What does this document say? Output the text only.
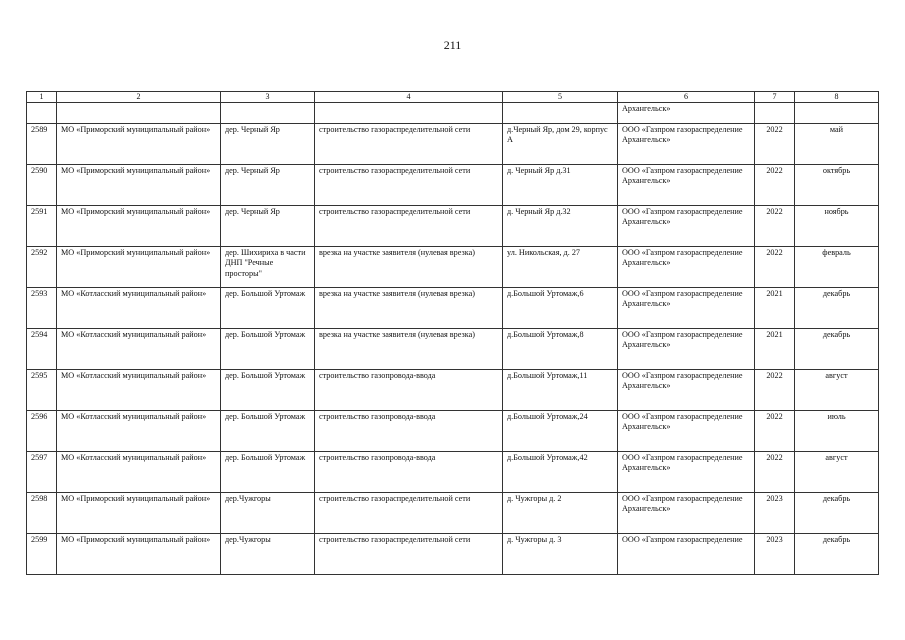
211
1	2	3	4	5	6	7	8
					Архангельск»		
2589	МО «Приморский муниципальный район»	дер. Черный Яр	строительство газораспределительной сети	д.Черный Яр, дом 29, корпус А	ООО «Газпром газораспределение Архангельск»	2022	май
2590	МО «Приморский муниципальный район»	дер. Черный Яр	строительство газораспределительной сети	д. Черный Яр д.31	ООО «Газпром газораспределение Архангельск»	2022	октябрь
2591	МО «Приморский муниципальный район»	дер. Черный Яр	строительство газораспределительной сети	д. Черный Яр д.32	ООО «Газпром газораспределение Архангельск»	2022	ноябрь
2592	МО «Приморский муниципальный район»	дер. Шихириха в части ДНП "Речные просторы"	врезка на участке заявителя (нулевая врезка)	ул. Никольская, д. 27	ООО «Газпром газораспределение Архангельск»	2022	февраль
2593	МО «Котласский муниципальный район»	дер. Большой Уртомаж	врезка на участке заявителя (нулевая врезка)	д.Большой Уртомаж,6	ООО «Газпром газораспределение Архангельск»	2021	декабрь
2594	МО «Котласский муниципальный район»	дер. Большой Уртомаж	врезка на участке заявителя (нулевая врезка)	д.Большой Уртомаж,8	ООО «Газпром газораспределение Архангельск»	2021	декабрь
2595	МО «Котласский муниципальный район»	дер. Большой Уртомаж	строительство газопровода-ввода	д.Большой Уртомаж,11	ООО «Газпром газораспределение Архангельск»	2022	август
2596	МО «Котласский муниципальный район»	дер. Большой Уртомаж	строительство газопровода-ввода	д.Большой Уртомаж,24	ООО «Газпром газораспределение Архангельск»	2022	июль
2597	МО «Котласский муниципальный район»	дер. Большой Уртомаж	строительство газопровода-ввода	д.Большой Уртомаж,42	ООО «Газпром газораспределение Архангельск»	2022	август
2598	МО «Приморский муниципальный район»	дер.Чужгоры	строительство газораспределительной сети	д. Чужгоры д. 2	ООО «Газпром газораспределение Архангельск»	2023	декабрь
2599	МО «Приморский муниципальный район»	дер.Чужгоры	строительство газораспределительной сети	д. Чужгоры д. 3	ООО «Газпром газораспределение	2023	декабрь
